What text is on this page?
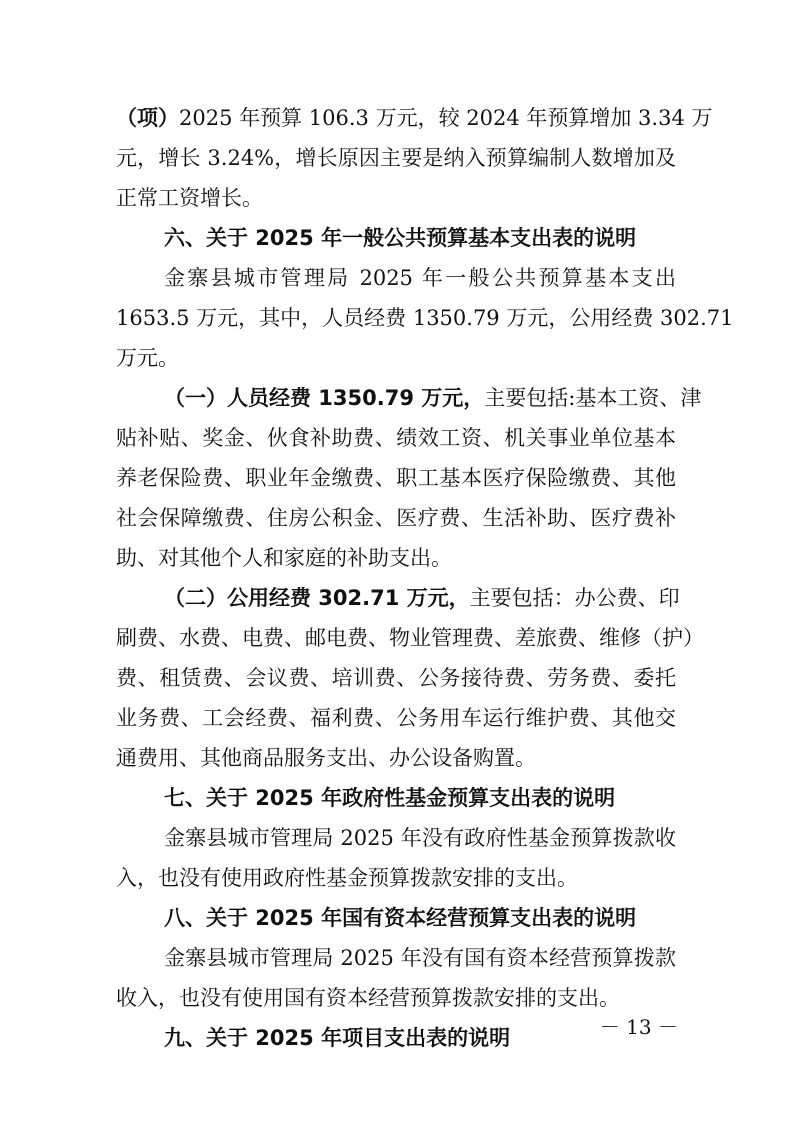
（项）2025 年预算 106.3 万元，较 2024 年预算增加 3.34 万
元，增长 3.24%，增长原因主要是纳入预算编制人数增加及
正常工资增长。
六、关于 2025 年一般公共预算基本支出表的说明
金寨县城市管理局 2025 年一般公共预算基本支出
1653.5 万元，其中，人员经费 1350.79 万元，公用经费 302.71
万元。
（一）人员经费 1350.79 万元，主要包括:基本工资、津
贴补贴、奖金、伙食补助费、绩效工资、机关事业单位基本
养老保险费、职业年金缴费、职工基本医疗保险缴费、其他
社会保障缴费、住房公积金、医疗费、生活补助、医疗费补
助、对其他个人和家庭的补助支出。
（二）公用经费 302.71 万元，主要包括：办公费、印
刷费、水费、电费、邮电费、物业管理费、差旅费、维修（护）
费、租赁费、会议费、培训费、公务接待费、劳务费、委托
业务费、工会经费、福利费、公务用车运行维护费、其他交
通费用、其他商品服务支出、办公设备购置。
七、关于 2025 年政府性基金预算支出表的说明
金寨县城市管理局 2025 年没有政府性基金预算拨款收
入，也没有使用政府性基金预算拨款安排的支出。
八、关于 2025 年国有资本经营预算支出表的说明
金寨县城市管理局 2025 年没有国有资本经营预算拨款
收入，也没有使用国有资本经营预算拨款安排的支出。
九、关于 2025 年项目支出表的说明	－ 13 －
